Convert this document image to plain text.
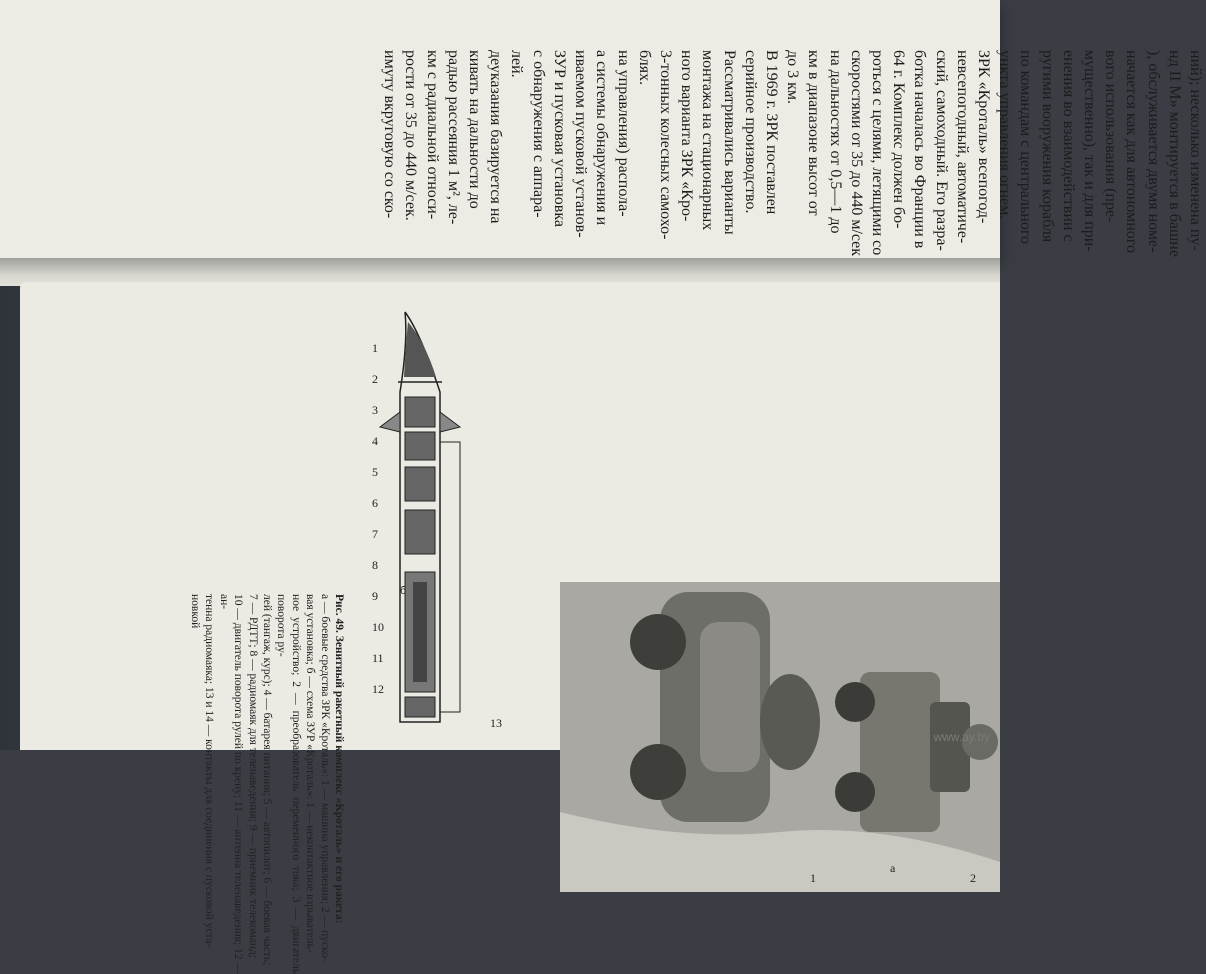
ний); несколько изменена пу-

нд II М» монтируется в башне

), обслуживается двумя номе-

начается как для автономного

вого использования (пре-

мущественно), так и для при-

енения во взаимодействии с

ругими вооружения корабля

по командам с центрального

ункта управления огнем.

ЗРК «Кроталь» всепогод-

невсепогодный, автоматиче-

ский, самоходный. Его разра-

ботка началась во Франции в

64 г. Комплекс должен бо-

роться с целями, летящими со

скоростями от 35 до 440 м/сек

на дальностях от 0,5—1 до

км в диапазоне высот от

до 3 км.

В 1969 г. ЗРК поставлен

серийное производство.

Рассматривались варианты

монтажа на стационарных

ного варианта ЗРК «Кро-

3-тонных колесных самохо-

блях.

на управления) распола-

а системы обнаружения и

иваемом пусковой установ-

ЗУР и пусковая установка

с обнаружения с аппара-

лей.

деуказания базируется на

кивать на дальности до

радью рассеяния 1 м², ле-

км с радиальной относи-

рости от 35 до 440 м/сек.

имуту вкруговую со ско-

а
1	2
1
2
3
4
5
6
7
8
9
10
11
12
13
б

Рис. 49. Зенитный ракетный комплекс «Кроталь» и его ракета:

а — боевые средства ЗРК «Кроталь»: 1 — машина управления; 2 — пуско-

вая установка; б — схема ЗУР «Кроталь»: 1 — неконтактное взрыватель-

ное устройство; 2 — преобразователь переменного тока; 3 — двигатель поворота ру-

лей (тангаж, курс); 4 — батарея питания; 5 — автопилот; 6 — боевая часть;

7 — РДТТ; 8 — радиомаяк для теленаведения; 9 — приемник телекоманд;

10 — двигатель поворота рулей по крену; 11 — антенна теленаведения; 12 — ан-

тенна радиомаяка; 13 и 14 — контакты для соединения с пусковой уста-

новкой

www.ay.by
